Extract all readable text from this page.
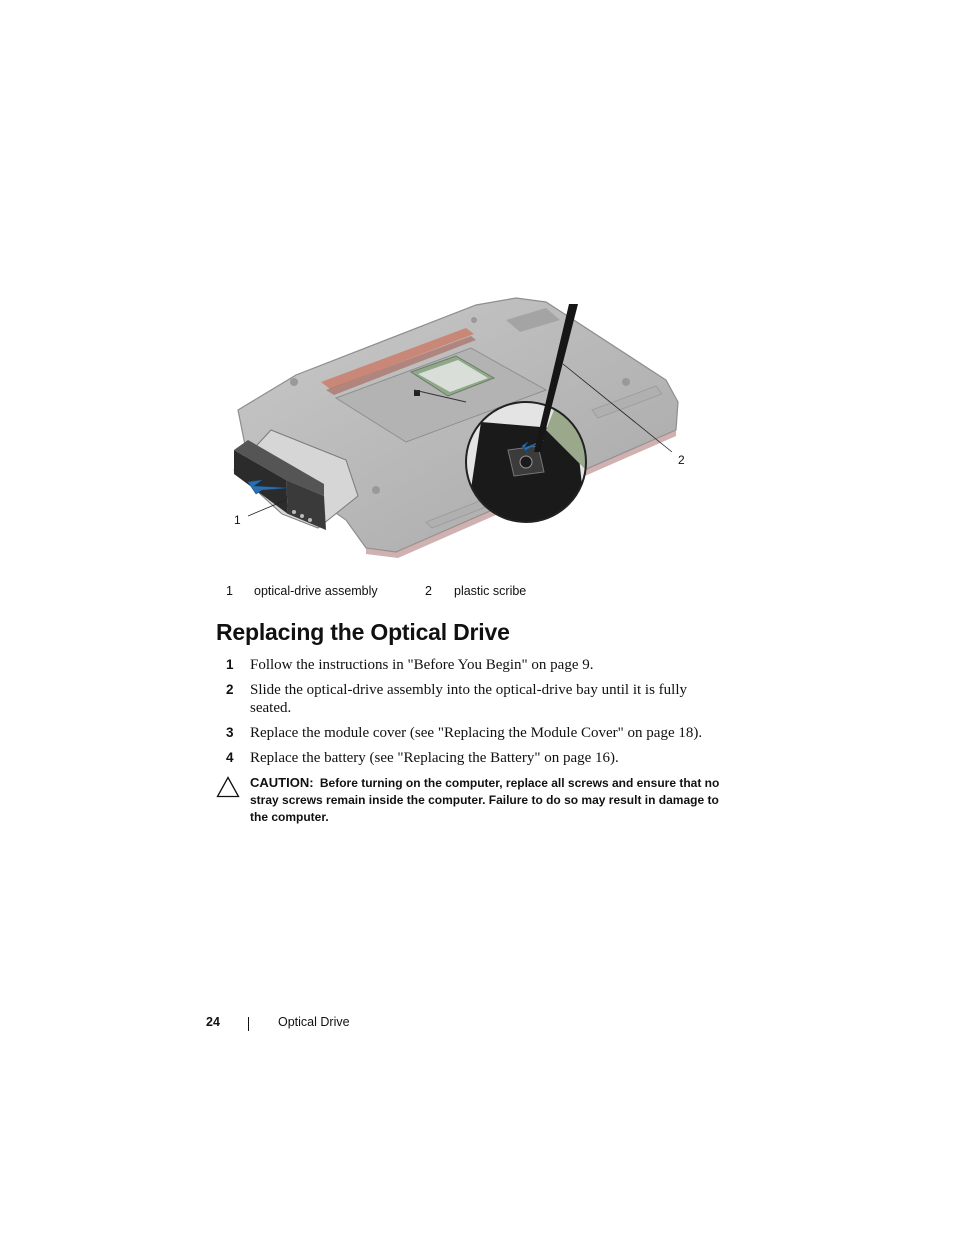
1
2
1 optical-drive assembly	2 plastic scribe
Replacing the Optical Drive
1 Follow the instructions in "Before You Begin" on page 9.
2 Slide the optical-drive assembly into the optical-drive bay until it is fully seated.
3 Replace the module cover (see "Replacing the Module Cover" on page 18).
4 Replace the battery (see "Replacing the Battery" on page 16).
CAUTION: Before turning on the computer, replace all screws and ensure that no stray screws remain inside the computer. Failure to do so may result in damage to the computer.
24	Optical Drive
